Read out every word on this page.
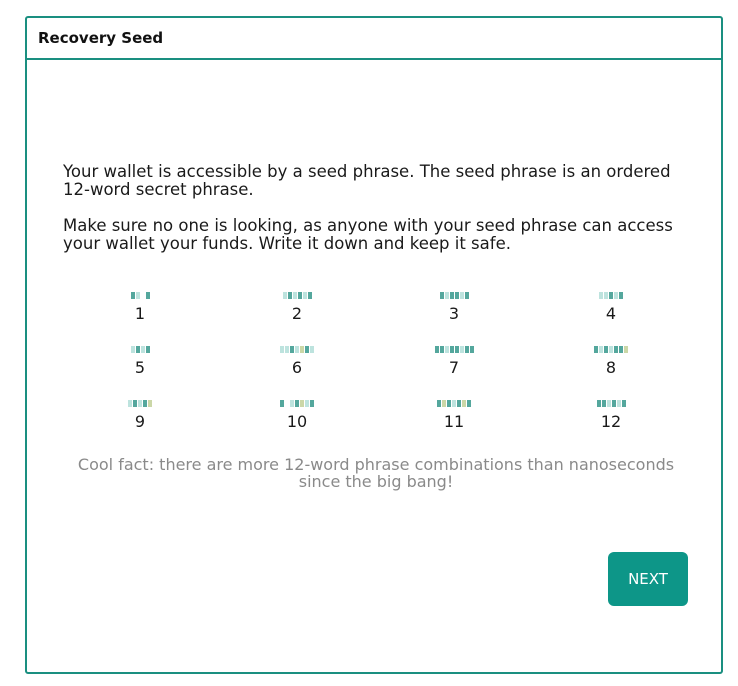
Recovery Seed
Your wallet is accessible by a seed phrase. The seed phrase is an ordered 12-word secret phrase.
Make sure no one is looking, as anyone with your seed phrase can access your wallet your funds. Write it down and keep it safe.
1	2	3	4
5	6	7	8
9	10	11	12
Cool fact: there are more 12-word phrase combinations than nanoseconds since the big bang!
NEXT
